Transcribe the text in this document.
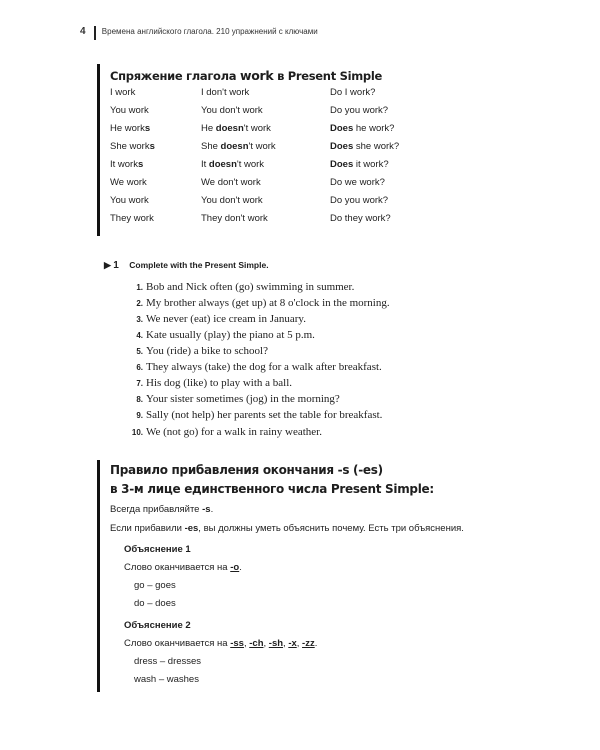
4 Времена английского глагола. 210 упражнений с ключами
Спряжение глагола work в Present Simple
I work	I don't work	Do I work?
You work	You don't work	Do you work?
He works	He doesn't work	Does he work?
She works	She doesn't work	Does she work?
It works	It doesn't work	Does it work?
We work	We don't work	Do we work?
You work	You don't work	Do you work?
They work	They don't work	Do they work?
▶ 1 Complete with the Present Simple.
1. Bob and Nick often (go) swimming in summer.
2. My brother always (get up) at 8 o'clock in the morning.
3. We never (eat) ice cream in January.
4. Kate usually (play) the piano at 5 p.m.
5. You (ride) a bike to school?
6. They always (take) the dog for a walk after breakfast.
7. His dog (like) to play with a ball.
8. Your sister sometimes (jog) in the morning?
9. Sally (not help) her parents set the table for breakfast.
10. We (not go) for a walk in rainy weather.
Правило прибавления окончания -s (-es)
в 3-м лице единственного числа Present Simple:
Всегда прибавляйте -s.
Если прибавили -es, вы должны уметь объяснить почему. Есть три объяснения.
Объяснение 1
Слово оканчивается на -o.
go – goes
do – does
Объяснение 2
Слово оканчивается на -ss, -ch, -sh, -x, -zz.
dress – dresses
wash – washes
